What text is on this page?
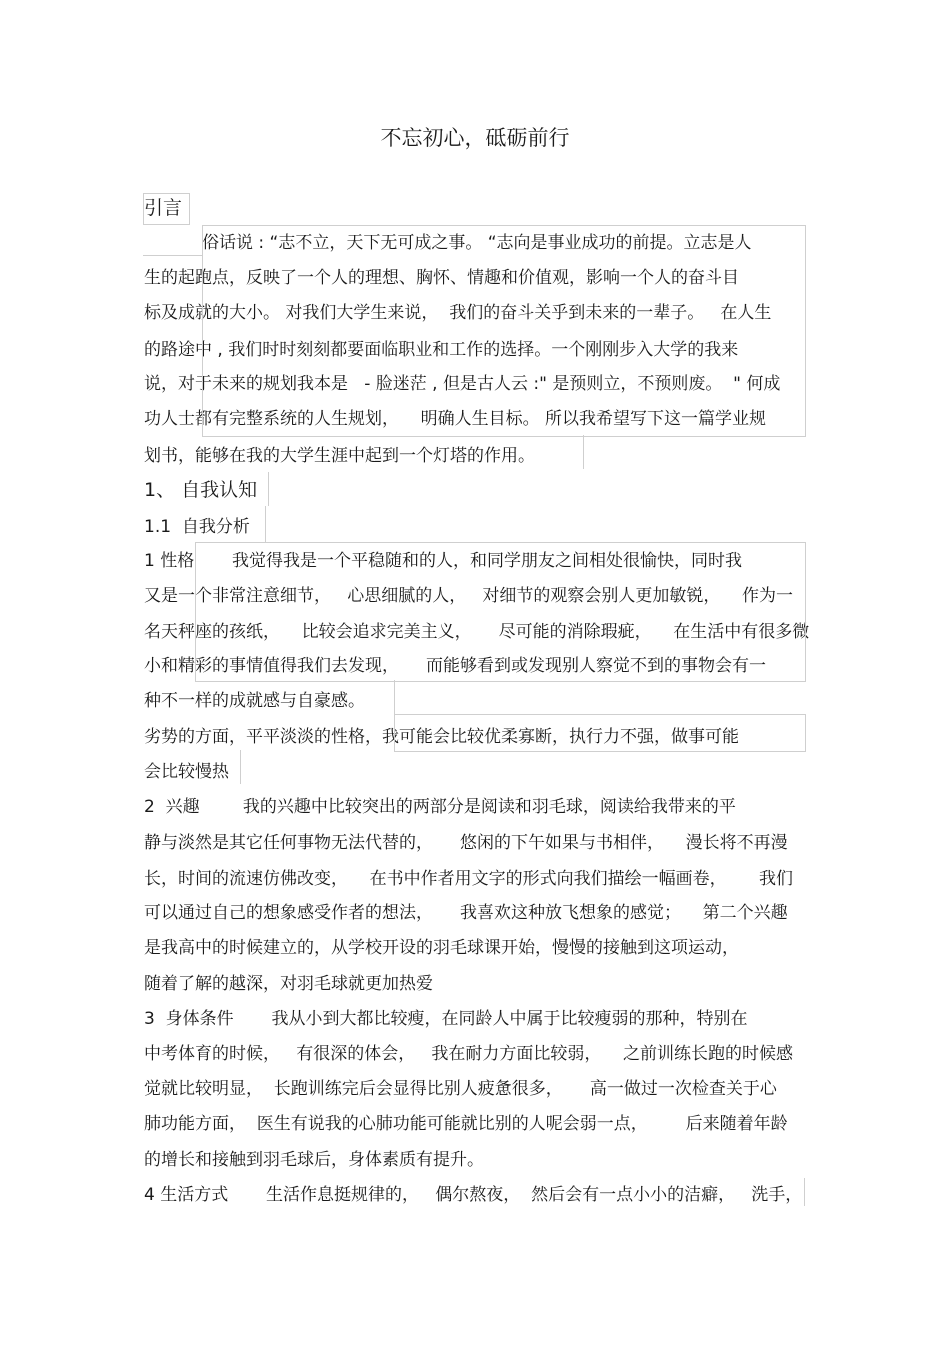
不忘初心，砥砺前行
引言
俗话说 : “志不立，天下无可成之事。 “志向是事业成功的前提。立志是人
生的起跑点，反映了一个人的理想、胸怀、情趣和价值观，影响一个人的奋斗目
标及成就的大小。 对我们大学生来说，  我们的奋斗关乎到未来的一辈子。   在人生
的路途中 , 我们时时刻刻都要面临职业和工作的选择。一个刚刚步入大学的我来
说，对于未来的规划我本是   - 脸迷茫 , 但是古人云 :" 是预则立，不预则废。  " 何成
功人士都有完整系统的人生规划，    明确人生目标。 所以我希望写下这一篇学业规
划书，能够在我的大学生涯中起到一个灯塔的作用。
1、 自我认知
1.1  自我分析
1 性格       我觉得我是一个平稳随和的人，和同学朋友之间相处很愉快，同时我
又是一个非常注意细节，   心思细腻的人，   对细节的观察会别人更加敏锐，    作为一
名天秤座的孩纸，    比较会追求完美主义，     尽可能的消除瑕疵，    在生活中有很多微
小和精彩的事情值得我们去发现，     而能够看到或发现别人察觉不到的事物会有一
种不一样的成就感与自豪感。
劣势的方面，平平淡淡的性格，我可能会比较优柔寡断，执行力不强，做事可能
会比较慢热
2  兴趣        我的兴趣中比较突出的两部分是阅读和羽毛球，阅读给我带来的平
静与淡然是其它任何事物无法代替的，     悠闲的下午如果与书相伴，    漫长将不再漫
长，时间的流速仿佛改变，    在书中作者用文字的形式向我们描绘一幅画卷，      我们
可以通过自己的想象感受作者的想法，     我喜欢这种放飞想象的感觉；    第二个兴趣
是我高中的时候建立的，从学校开设的羽毛球课开始，慢慢的接触到这项运动，
随着了解的越深，对羽毛球就更加热爱
3  身体条件       我从小到大都比较瘦，在同龄人中属于比较瘦弱的那种，特别在
中考体育的时候，   有很深的体会，   我在耐力方面比较弱，    之前训练长跑的时候感
觉就比较明显，  长跑训练完后会显得比别人疲惫很多，     高一做过一次检查关于心
肺功能方面，  医生有说我的心肺功能可能就比别的人呢会弱一点，       后来随着年龄
的增长和接触到羽毛球后，身体素质有提升。
4 生活方式       生活作息挺规律的，   偶尔熬夜，  然后会有一点小小的洁癖，   洗手，
